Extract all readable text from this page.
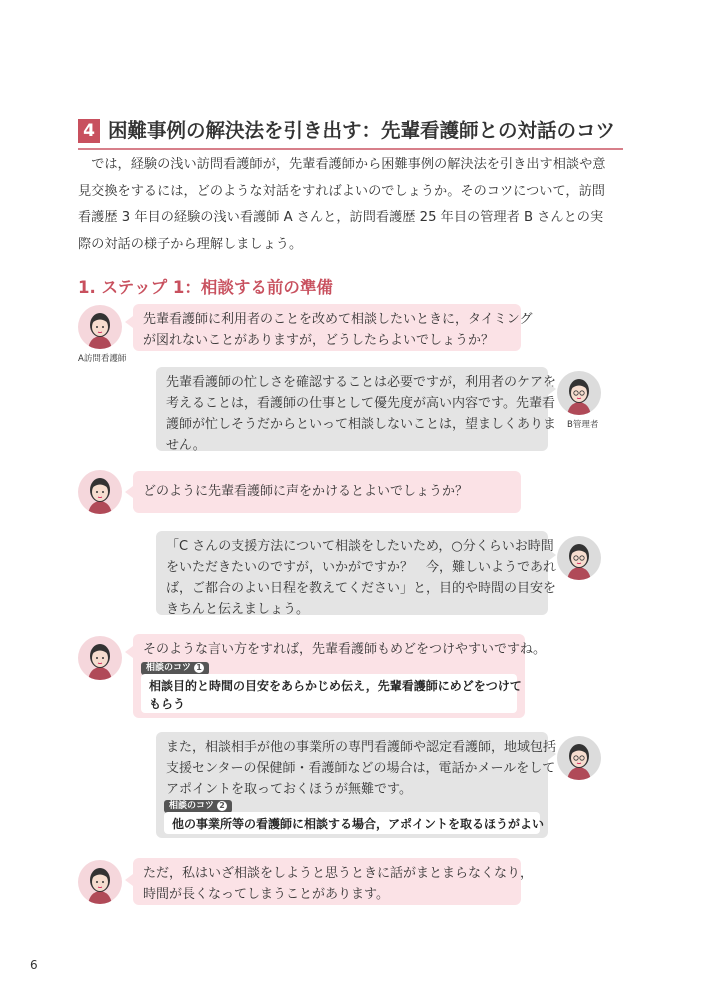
4 困難事例の解決法を引き出す：先輩看護師との対話のコツ
では，経験の浅い訪問看護師が，先輩看護師から困難事例の解決法を引き出す相談や意
見交換をするには，どのような対話をすればよいのでしょうか。そのコツについて，訪問
看護歴 3 年目の経験の浅い看護師 A さんと，訪問看護歴 25 年目の管理者 B さんとの実
際の対話の様子から理解しましょう。
1. ステップ 1：相談する前の準備
A訪問看護師
先輩看護師に利用者のことを改めて相談したいときに，タイミング
が図れないことがありますが，どうしたらよいでしょうか？
先輩看護師の忙しさを確認することは必要ですが，利用者のケアを
考えることは，看護師の仕事として優先度が高い内容です。先輩看
護師が忙しそうだからといって相談しないことは，望ましくありま
せん。
B管理者
どのように先輩看護師に声をかけるとよいでしょうか？
「C さんの支援方法について相談をしたいため，○分くらいお時間
をいただきたいのですが，いかがですか？　今，難しいようであれ
ば，ご都合のよい日程を教えてください」と，目的や時間の目安を
きちんと伝えましょう。
そのような言い方をすれば，先輩看護師もめどをつけやすいですね。
相談のコツ 1
相談目的と時間の目安をあらかじめ伝え，先輩看護師にめどをつけて
もらう
また，相談相手が他の事業所の専門看護師や認定看護師，地域包括
支援センターの保健師・看護師などの場合は，電話かメールをして
アポイントを取っておくほうが無難です。
相談のコツ 2
他の事業所等の看護師に相談する場合，アポイントを取るほうがよい
ただ，私はいざ相談をしようと思うときに話がまとまらなくなり，
時間が長くなってしまうことがあります。
6
